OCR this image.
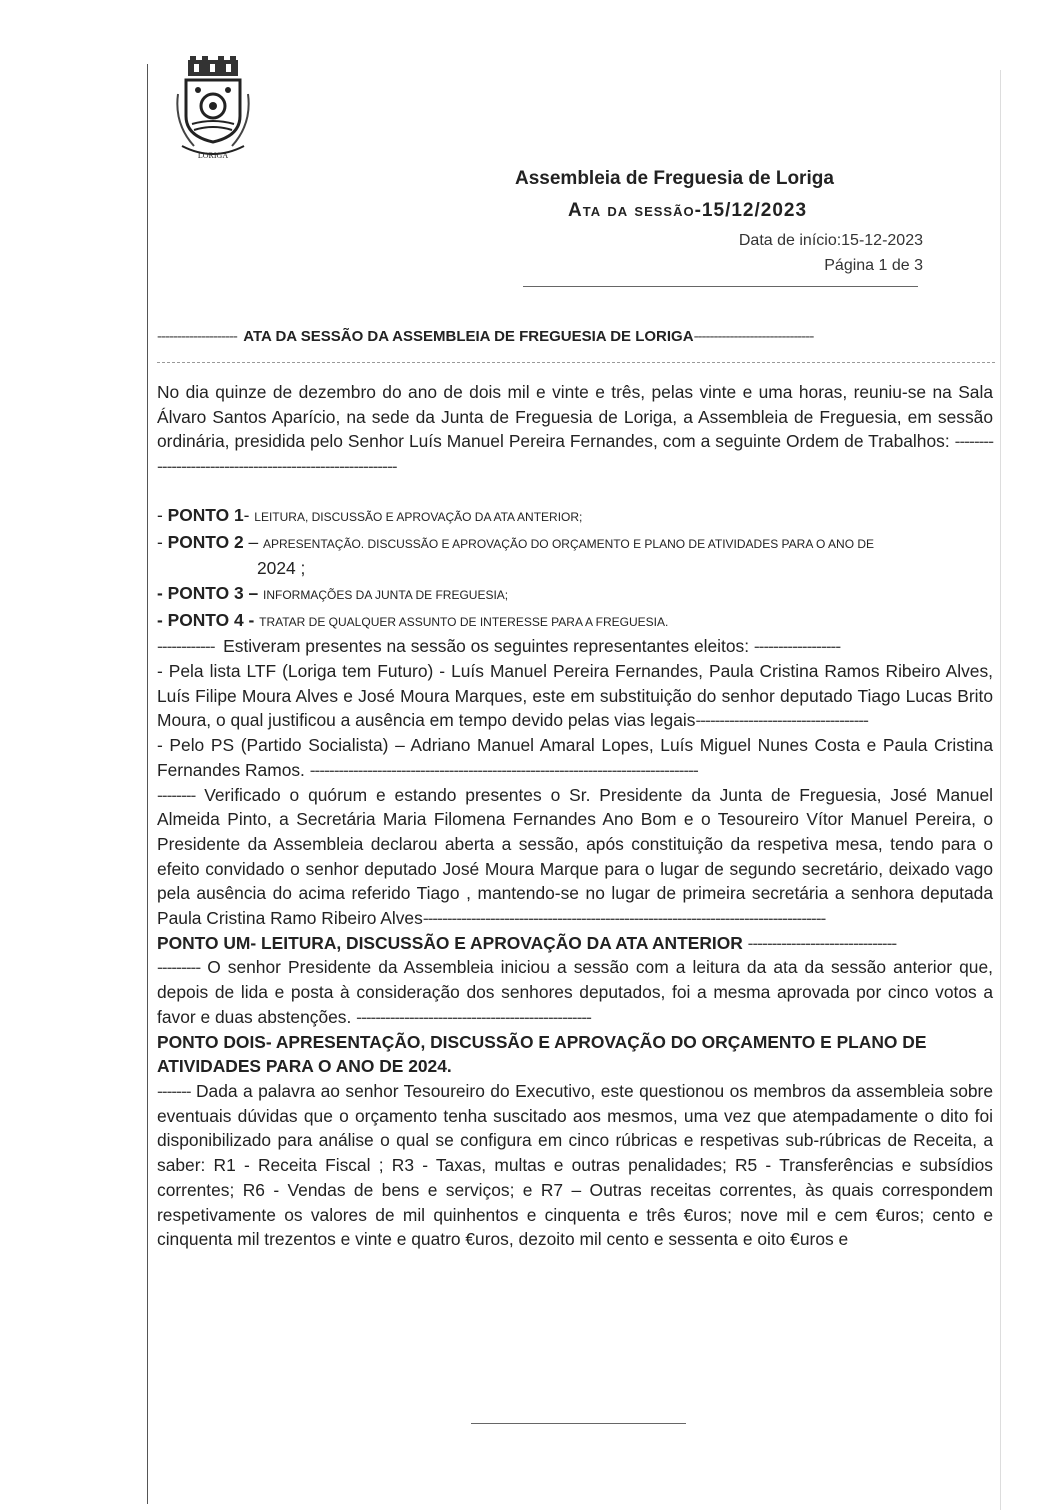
LORIGA
Assembleia de Freguesia de Loriga
Ata da sessão-15/12/2023
Data de início:15-12-2023
Página 1 de 3
--------------------  ATA DA SESSÃO DA ASSEMBLEIA DE FREGUESIA DE LORIGA------------------------------

No dia quinze de dezembro do ano de dois mil e vinte e três, pelas vinte e uma horas, reuniu-se na Sala Álvaro Santos Aparício, na sede da Junta de Freguesia de Loriga, a Assembleia de Freguesia, em sessão ordinária, presidida pelo Senhor Luís Manuel Pereira Fernandes, com a seguinte Ordem de Trabalhos: ----------------------------------------------------------

- PONTO 1- LEITURA, DISCUSSÃO E APROVAÇÃO DA ATA ANTERIOR;
- PONTO 2 – APRESENTAÇÃO. DISCUSSÃO E APROVAÇÃO DO ORÇAMENTO E PLANO DE ATIVIDADES PARA O ANO DE
2024 ;
- PONTO 3 – INFORMAÇÕES DA JUNTA DE FREGUESIA;
- PONTO 4 - TRATAR DE QUALQUER ASSUNTO DE INTERESSE PARA A FREGUESIA.

------------  Estiveram presentes na sessão os seguintes representantes eleitos: ------------------

- Pela lista LTF (Loriga tem Futuro) - Luís Manuel Pereira Fernandes, Paula Cristina Ramos Ribeiro Alves, Luís Filipe Moura Alves e José Moura Marques, este em substituição do senhor deputado Tiago Lucas Brito Moura, o qual justificou a ausência em tempo devido pelas vias legais------------------------------------

- Pelo PS (Partido Socialista) – Adriano Manuel Amaral Lopes, Luís Miguel Nunes Costa e Paula Cristina Fernandes Ramos. ---------------------------------------------------------------------------------

-------- Verificado o quórum e estando presentes o Sr. Presidente da Junta de Freguesia, José Manuel Almeida Pinto, a Secretária Maria Filomena Fernandes Ano Bom e o Tesoureiro Vítor Manuel Pereira, o Presidente da Assembleia declarou aberta a sessão, após constituição da respetiva mesa, tendo para o efeito convidado o senhor deputado José Moura Marque para o lugar de segundo secretário, deixado vago pela ausência do acima referido Tiago , mantendo-se no lugar de primeira secretária a senhora deputada Paula Cristina Ramo Ribeiro Alves------------------------------------------------------------------------------------

PONTO UM- LEITURA, DISCUSSÃO E APROVAÇÃO DA ATA ANTERIOR -------------------------------

--------- O senhor Presidente da Assembleia iniciou a sessão com a leitura da ata da sessão anterior que, depois de lida e posta à consideração dos senhores deputados, foi a mesma aprovada por cinco votos a favor e duas abstenções. -------------------------------------------------

PONTO DOIS- APRESENTAÇÃO, DISCUSSÃO E APROVAÇÃO DO ORÇAMENTO E PLANO DE ATIVIDADES PARA O ANO DE 2024.

------- Dada a palavra ao senhor Tesoureiro do Executivo, este questionou os membros da assembleia sobre eventuais dúvidas que o orçamento tenha suscitado aos mesmos, uma vez que atempadamente o dito foi disponibilizado para análise o qual se configura em cinco rúbricas e respetivas sub-rúbricas de Receita, a saber: R1 - Receita Fiscal ; R3 - Taxas, multas e outras penalidades; R5 - Transferências e subsídios correntes; R6 - Vendas de bens e serviços; e R7 – Outras receitas correntes, às quais correspondem respetivamente os valores de mil quinhentos e cinquenta e três €uros; nove mil e cem €uros; cento e cinquenta mil trezentos e vinte e quatro €uros, dezoito mil cento e sessenta e oito €uros e
